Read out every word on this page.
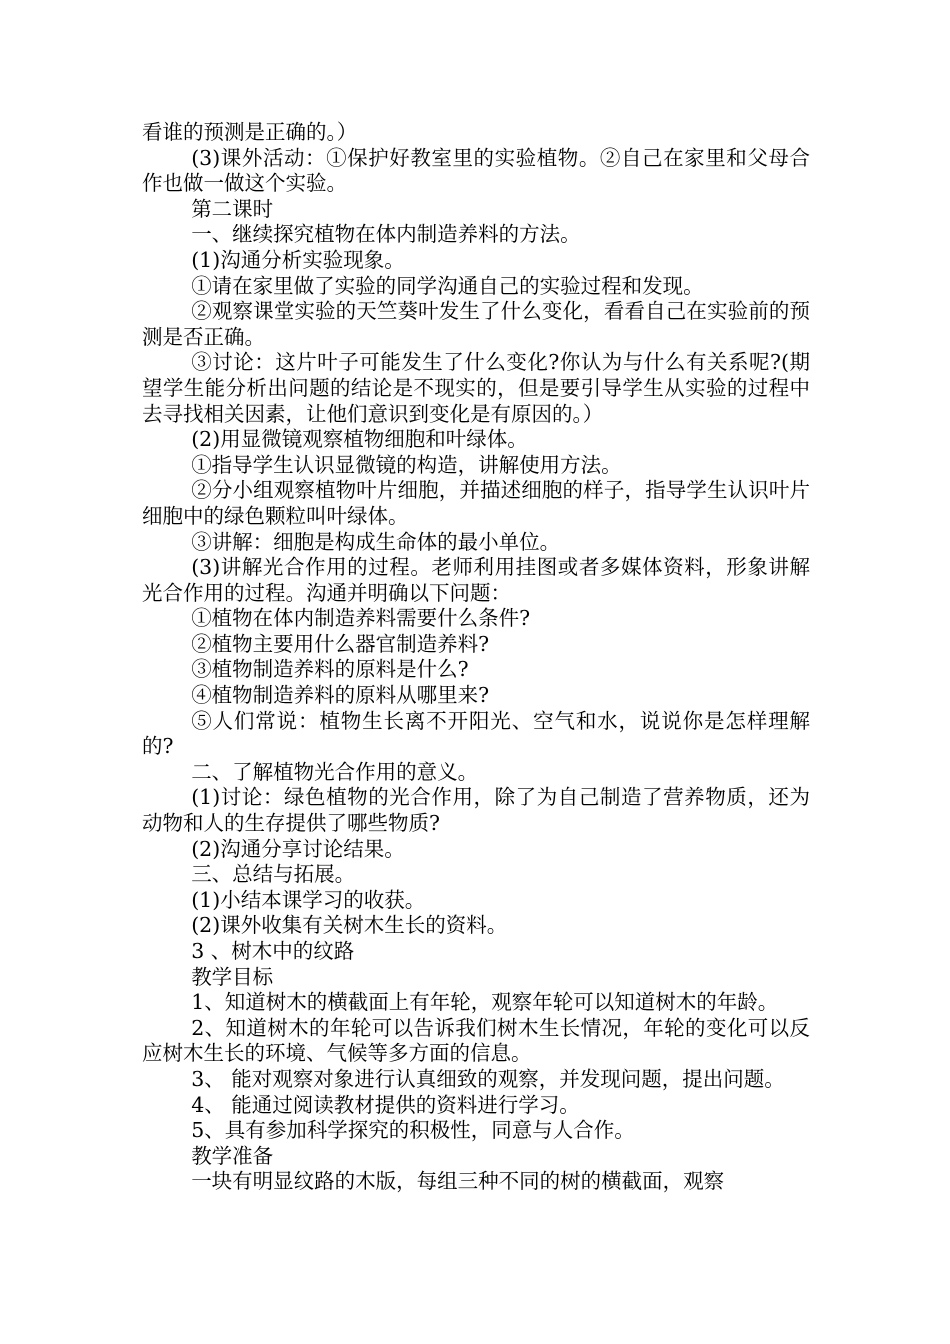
看谁的预测是正确的。）

(3)课外活动：①保护好教室里的实验植物。②自己在家里和父母合作也做一做这个实验。

第二课时

一、继续探究植物在体内制造养料的方法。

(1)沟通分析实验现象。

①请在家里做了实验的同学沟通自己的实验过程和发现。

②观察课堂实验的天竺葵叶发生了什么变化，看看自己在实验前的预测是否正确。

③讨论：这片叶子可能发生了什么变化?你认为与什么有关系呢?(期望学生能分析出问题的结论是不现实的，但是要引导学生从实验的过程中去寻找相关因素，让他们意识到变化是有原因的。）

(2)用显微镜观察植物细胞和叶绿体。

①指导学生认识显微镜的构造，讲解使用方法。

②分小组观察植物叶片细胞，并描述细胞的样子，指导学生认识叶片细胞中的绿色颗粒叫叶绿体。

③讲解：细胞是构成生命体的最小单位。

(3)讲解光合作用的过程。老师利用挂图或者多媒体资料，形象讲解光合作用的过程。沟通并明确以下问题：

①植物在体内制造养料需要什么条件?

②植物主要用什么器官制造养料?

③植物制造养料的原料是什么?

④植物制造养料的原料从哪里来?

⑤人们常说：植物生长离不开阳光、空气和水，说说你是怎样理解的?

二、了解植物光合作用的意义。

(1)讨论：绿色植物的光合作用，除了为自己制造了营养物质，还为动物和人的生存提供了哪些物质?

(2)沟通分享讨论结果。

三、总结与拓展。

(1)小结本课学习的收获。

(2)课外收集有关树木生长的资料。

3 、树木中的纹路

教学目标

1、知道树木的横截面上有年轮，观察年轮可以知道树木的年龄。

2、知道树木的年轮可以告诉我们树木生长情况，年轮的变化可以反应树木生长的环境、气候等多方面的信息。

3、 能对观察对象进行认真细致的观察，并发现问题，提出问题。

4、 能通过阅读教材提供的资料进行学习。

5、具有参加科学探究的积极性，同意与人合作。

教学准备

一块有明显纹路的木版，每组三种不同的树的横截面，观察
